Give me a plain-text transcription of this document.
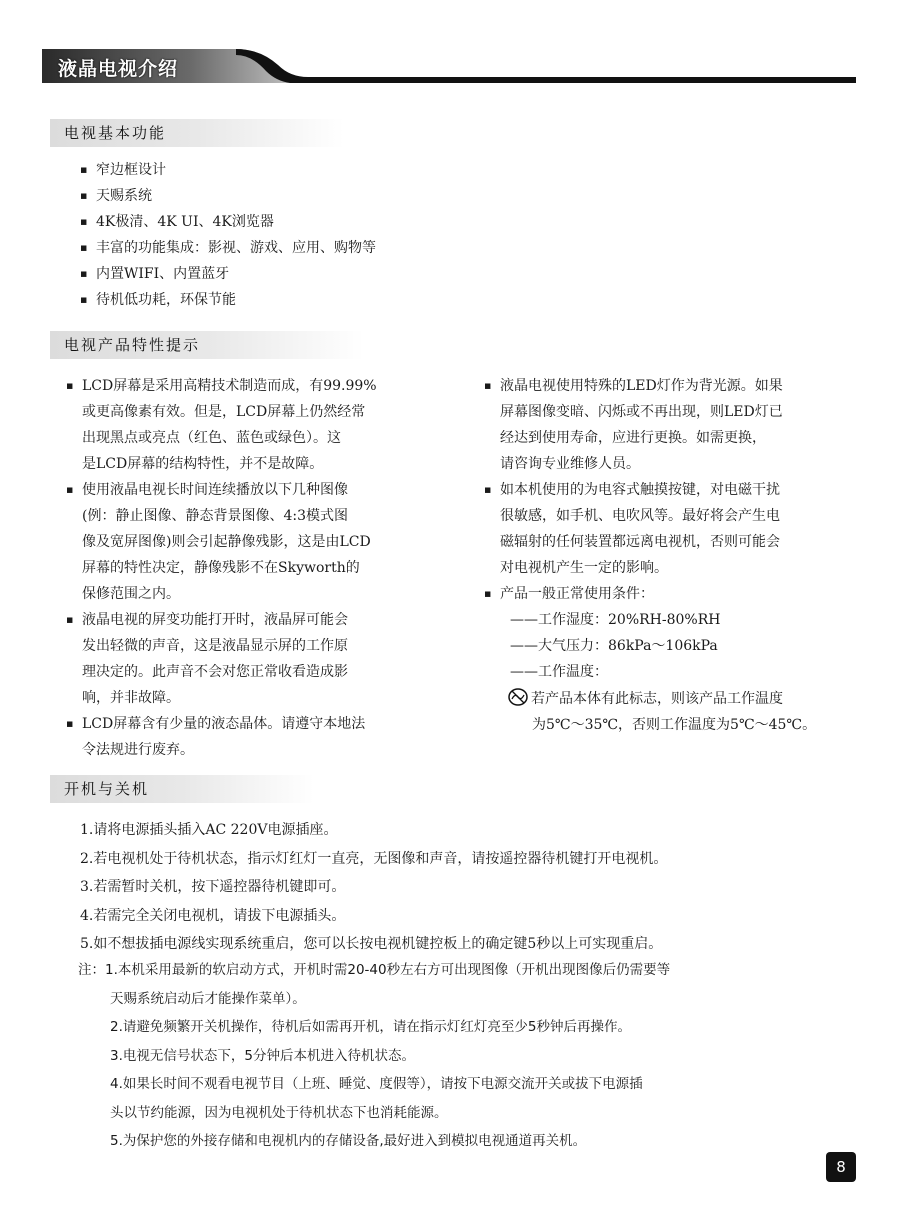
液晶电视介绍
电视基本功能
▪ 窄边框设计
▪ 天赐系统
▪ 4K极清、4K UI、4K浏览器
▪ 丰富的功能集成：影视、游戏、应用、购物等
▪ 内置WIFI、内置蓝牙
▪ 待机低功耗，环保节能
电视产品特性提示
▪ LCD屏幕是采用高精技术制造而成，有99.99%
或更高像素有效。但是，LCD屏幕上仍然经常
出现黑点或亮点（红色、蓝色或绿色）。这
是LCD屏幕的结构特性，并不是故障。
▪ 使用液晶电视长时间连续播放以下几种图像
(例：静止图像、静态背景图像、4:3模式图
像及宽屏图像)则会引起静像残影，这是由LCD
屏幕的特性决定，静像残影不在Skyworth的
保修范围之内。
▪ 液晶电视的屏变功能打开时，液晶屏可能会
发出轻微的声音，这是液晶显示屏的工作原
理决定的。此声音不会对您正常收看造成影
响，并非故障。
▪ LCD屏幕含有少量的液态晶体。请遵守本地法
令法规进行废弃。
▪ 液晶电视使用特殊的LED灯作为背光源。如果
屏幕图像变暗、闪烁或不再出现，则LED灯已
经达到使用寿命，应进行更换。如需更换，
请咨询专业维修人员。
▪ 如本机使用的为电容式触摸按键，对电磁干扰
很敏感，如手机、电吹风等。最好将会产生电
磁辐射的任何装置都远离电视机，否则可能会
对电视机产生一定的影响。
▪ 产品一般正常使用条件：
——工作湿度：20%RH-80%RH
——大气压力：86kPa～106kPa
——工作温度：
若产品本体有此标志，则该产品工作温度
为5℃～35℃，否则工作温度为5℃～45℃。
开机与关机
1.请将电源插头插入AC 220V电源插座。
2.若电视机处于待机状态，指示灯红灯一直亮，无图像和声音，请按遥控器待机键打开电视机。
3.若需暂时关机，按下遥控器待机键即可。
4.若需完全关闭电视机，请拔下电源插头。
5.如不想拔插电源线实现系统重启，您可以长按电视机键控板上的确定键5秒以上可实现重启。
注：1.本机采用最新的软启动方式，开机时需20-40秒左右方可出现图像（开机出现图像后仍需要等
天赐系统启动后才能操作菜单）。
2.请避免频繁开关机操作，待机后如需再开机，请在指示灯红灯亮至少5秒钟后再操作。
3.电视无信号状态下，5分钟后本机进入待机状态。
4.如果长时间不观看电视节目（上班、睡觉、度假等），请按下电源交流开关或拔下电源插
头以节约能源，因为电视机处于待机状态下也消耗能源。
5.为保护您的外接存储和电视机内的存储设备,最好进入到模拟电视通道再关机。
8
